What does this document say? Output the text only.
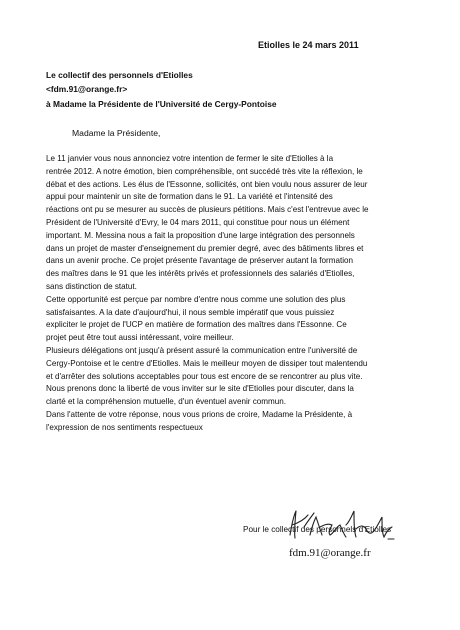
Etiolles le 24 mars 2011
Le collectif des personnels d'Etiolles
<fdm.91@orange.fr>
à Madame la Présidente de l'Université de Cergy-Pontoise
Madame la Présidente,
Le 11 janvier vous nous annonciez votre intention de fermer le site d'Etiolles à la
rentrée 2012. A notre émotion, bien compréhensible, ont succédé très vite la réflexion, le
débat et des actions. Les élus de l'Essonne, sollicités, ont bien voulu nous assurer de leur
appui pour maintenir un site de formation dans le 91. La variété et l'intensité des
réactions ont pu se mesurer au succès de plusieurs pétitions. Mais c'est l'entrevue avec le
Président de l'Université d'Evry, le 04 mars 2011, qui constitue pour nous un élément
important. M. Messina nous a fait la proposition d'une large intégration des personnels
dans un projet de master d'enseignement du premier degré, avec des bâtiments libres et
dans un avenir proche. Ce projet présente l'avantage de préserver autant la formation
des maîtres dans le 91 que les intérêts privés et professionnels des salariés d'Etiolles,
sans distinction de statut.
Cette opportunité est perçue par nombre d'entre nous comme une solution des plus
satisfaisantes. A la date d'aujourd'hui, il nous semble impératif que vous puissiez
expliciter le projet de l'UCP en matière de formation des maîtres dans l'Essonne. Ce
projet peut être tout aussi intéressant, voire meilleur.
Plusieurs délégations ont jusqu'à présent assuré la communication entre l'université de
Cergy-Pontoise et le centre d'Etiolles. Mais le meilleur moyen de dissiper tout malentendu
et d'arrêter des solutions acceptables pour tous est encore de se rencontrer au plus vite.
Nous prenons donc la liberté de vous inviter sur le site d'Etiolles pour discuter, dans la
clarté et la compréhension mutuelle, d'un éventuel avenir commun.
Dans l'attente de votre réponse, nous vous prions de croire, Madame la Présidente, à
l'expression de nos sentiments respectueux
Pour le collectif des personnels d'Etiolles
fdm.91@orange.fr
